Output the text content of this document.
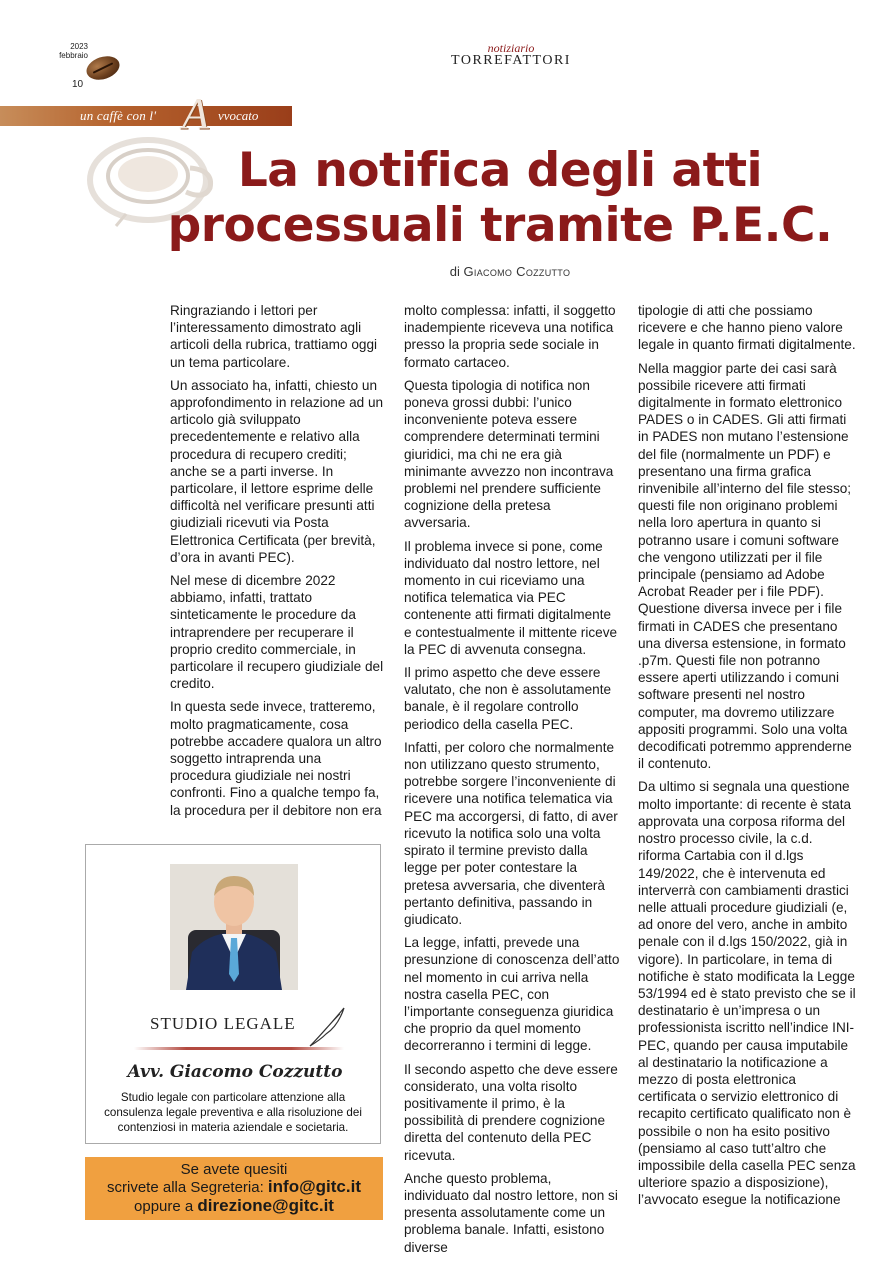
2023
febbraio
10
notiziario
TORREFATTORI
un caffè con l' A vvocato
La notifica degli atti
processuali tramite P.E.C.
di Giacomo Cozzutto

Ringraziando i lettori per l’interessamento dimostrato agli articoli della rubrica, trattiamo oggi un tema particolare.

Un associato ha, infatti, chiesto un approfondimento in relazione ad un articolo già sviluppato precedentemente e relativo alla procedura di recupero crediti; anche se a parti inverse. In particolare, il lettore esprime delle difficoltà nel verificare presunti atti giudiziali ricevuti via Posta Elettronica Certificata (per brevità, d’ora in avanti PEC).

Nel mese di dicembre 2022 abbiamo, infatti, trattato sinteticamente le procedure da intraprendere per recuperare il proprio credito commerciale, in particolare il recupero giudiziale del credito.

In questa sede invece, tratteremo, molto pragmaticamente, cosa potrebbe accadere qualora un altro soggetto intraprenda una procedura giudiziale nei nostri confronti. Fino a qualche tempo fa, la procedura per il debitore non era

molto complessa: infatti, il soggetto inadempiente riceveva una notifica presso la propria sede sociale in formato cartaceo.

Questa tipologia di notifica non poneva grossi dubbi: l’unico inconveniente poteva essere comprendere determinati termini giuridici, ma chi ne era già minimante avvezzo non incontrava problemi nel prendere sufficiente cognizione della pretesa avversaria.

Il problema invece si pone, come individuato dal nostro lettore, nel momento in cui riceviamo una notifica telematica via PEC contenente atti firmati digitalmente e contestualmente il mittente riceve la PEC di avvenuta consegna.

Il primo aspetto che deve essere valutato, che non è assolutamente banale, è il regolare controllo periodico della casella PEC.

Infatti, per coloro che normalmente non utilizzano questo strumento, potrebbe sorgere l’inconveniente di ricevere una notifica telematica via PEC ma accorgersi, di fatto, di aver ricevuto la notifica solo una volta spirato il termine previsto dalla legge per poter contestare la pretesa avversaria, che diventerà pertanto definitiva, passando in giudicato.

La legge, infatti, prevede una presunzione di conoscenza dell’atto nel momento in cui arriva nella nostra casella PEC, con l’importante conseguenza giuridica che proprio da quel momento decorreranno i termini di legge.

Il secondo aspetto che deve essere considerato, una volta risolto positivamente il primo, è la possibilità di prendere cognizione diretta del contenuto della PEC ricevuta.

Anche questo problema, individuato dal nostro lettore, non si presenta assolutamente come un problema banale. Infatti, esistono diverse

tipologie di atti che possiamo ricevere e che hanno pieno valore legale in quanto firmati digitalmente.

Nella maggior parte dei casi sarà possibile ricevere atti firmati digitalmente in formato elettronico PADES o in CADES. Gli atti firmati in PADES non mutano l’estensione del file (normalmente un PDF) e presentano una firma grafica rinvenibile all’interno del file stesso; questi file non originano problemi nella loro apertura in quanto si potranno usare i comuni software che vengono utilizzati per il file principale (pensiamo ad Adobe Acrobat Reader per i file PDF). Questione diversa invece per i file firmati in CADES che presentano una diversa estensione, in formato .p7m. Questi file non potranno essere aperti utilizzando i comuni software presenti nel nostro computer, ma dovremo utilizzare appositi programmi. Solo una volta decodificati potremmo apprenderne il contenuto.

Da ultimo si segnala una questione molto importante: di recente è stata approvata una corposa riforma del nostro processo civile, la c.d. riforma Cartabia con il d.lgs 149/2022, che è intervenuta ed interverrà con cambiamenti drastici nelle attuali procedure giudiziali (e, ad onore del vero, anche in ambito penale con il d.lgs 150/2022, già in vigore). In particolare, in tema di notifiche è stato modificata la Legge 53/1994 ed è stato previsto che se il destinatario è un’impresa o un professionista iscritto nell’indice INI-PEC, quando per causa imputabile al destinatario la notificazione a mezzo di posta elettronica certificata o servizio elettronico di recapito certificato qualificato non è possibile o non ha esito positivo (pensiamo al caso tutt’altro che impossibile della casella PEC senza ulteriore spazio a disposizione), l’avvocato esegue la notificazione

STUDIO LEGALE
Avv. Giacomo Cozzutto
Studio legale con particolare attenzione alla consulenza legale preventiva e alla risoluzione dei contenziosi in materia aziendale e societaria.
Se avete quesiti
scrivete alla Segreteria: info@gitc.it
oppure a direzione@gitc.it
